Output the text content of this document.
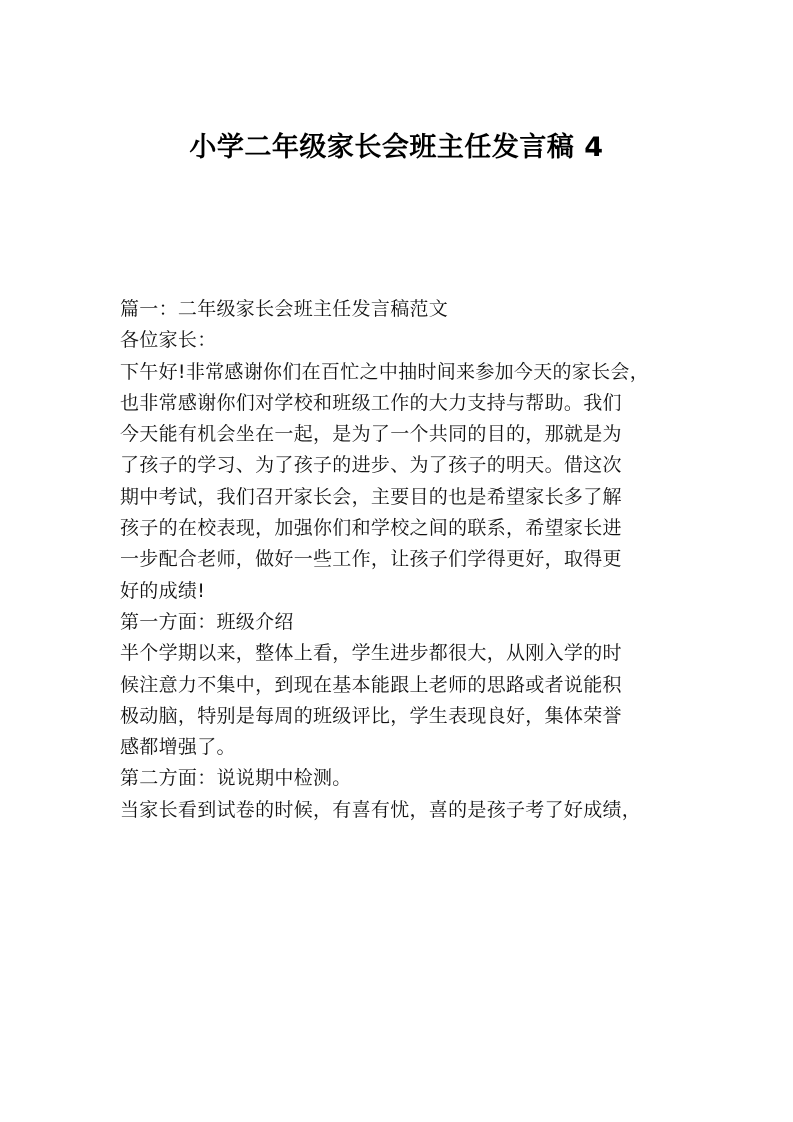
小学二年级家长会班主任发言稿 4
篇一：二年级家长会班主任发言稿范文
各位家长：
下午好!非常感谢你们在百忙之中抽时间来参加今天的家长会，
也非常感谢你们对学校和班级工作的大力支持与帮助。我们
今天能有机会坐在一起，是为了一个共同的目的，那就是为
了孩子的学习、为了孩子的进步、为了孩子的明天。借这次
期中考试，我们召开家长会，主要目的也是希望家长多了解
孩子的在校表现，加强你们和学校之间的联系，希望家长进
一步配合老师，做好一些工作，让孩子们学得更好，取得更
好的成绩!
第一方面：班级介绍
半个学期以来，整体上看，学生进步都很大，从刚入学的时
候注意力不集中，到现在基本能跟上老师的思路或者说能积
极动脑，特别是每周的班级评比，学生表现良好，集体荣誉
感都增强了。
第二方面：说说期中检测。
当家长看到试卷的时候，有喜有忧，喜的是孩子考了好成绩，
